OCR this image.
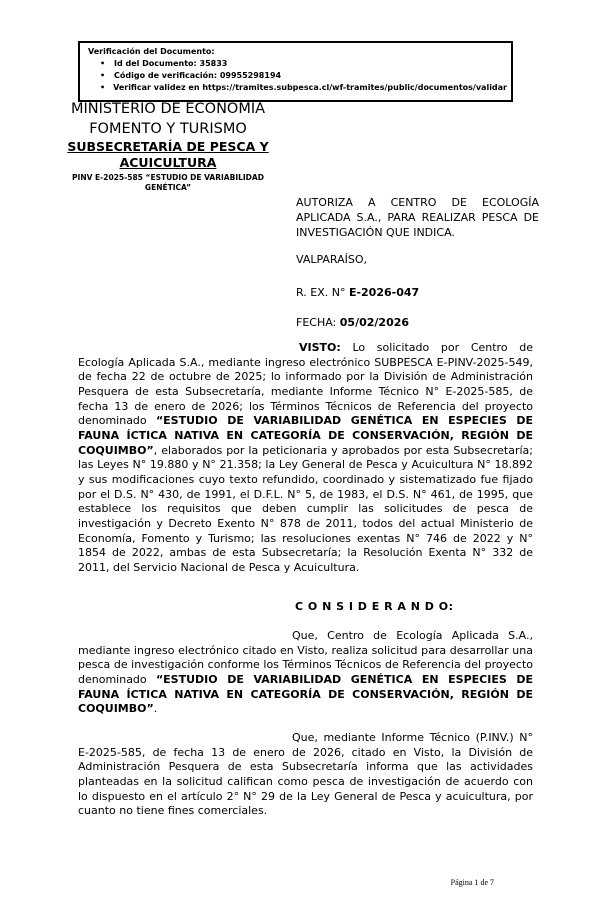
Verificación del Documento:
•	Id del Documento: 35833
•	Código de verificación: 09955298194
• Verificar validez en https://tramites.subpesca.cl/wf-tramites/public/documentos/validar
MINISTERIO DE ECONOMÍA
FOMENTO Y TURISMO
SUBSECRETARÍA DE PESCA Y ACUICULTURA
PINV E-2025-585 “ESTUDIO DE VARIABILIDAD GENÉTICA”
AUTORIZA A CENTRO DE ECOLOGÍA APLICADA S.A., PARA REALIZAR PESCA DE INVESTIGACIÓN QUE INDICA.
VALPARAÍSO,
R. EX. N° E-2026-047
FECHA: 05/02/2026

VISTO: Lo solicitado por Centro de Ecología Aplicada S.A., mediante ingreso electrónico SUBPESCA E-PINV-2025-549, de fecha 22 de octubre de 2025; lo informado por la División de Administración Pesquera de esta Subsecretaría, mediante Informe Técnico N° E-2025-585, de fecha 13 de enero de 2026; los Términos Técnicos de Referencia del proyecto denominado “ESTUDIO DE VARIABILIDAD GENÉTICA EN ESPECIES DE FAUNA ÍCTICA NATIVA EN CATEGORÍA DE CONSERVACIÓN, REGIÓN DE COQUIMBO”, elaborados por la peticionaria y aprobados por esta Subsecretaría; las Leyes N° 19.880 y N° 21.358; la Ley General de Pesca y Acuicultura N° 18.892 y sus modificaciones cuyo texto refundido, coordinado y sistematizado fue fijado por el D.S. N° 430, de 1991, el D.F.L. N° 5, de 1983, el D.S. N° 461, de 1995, que establece los requisitos que deben cumplir las solicitudes de pesca de investigación y Decreto Exento N° 878 de 2011, todos del actual Ministerio de Economía, Fomento y Turismo; las resoluciones exentas N° 746 de 2022 y N° 1854 de 2022, ambas de esta Subsecretaría; la Resolución Exenta N° 332 de 2011, del Servicio Nacional de Pesca y Acuicultura.

C O N S I D E R A N D O:

Que, Centro de Ecología Aplicada S.A., mediante ingreso electrónico citado en Visto, realiza solicitud para desarrollar una pesca de investigación conforme los Términos Técnicos de Referencia del proyecto denominado “ESTUDIO DE VARIABILIDAD GENÉTICA EN ESPECIES DE FAUNA ÍCTICA NATIVA EN CATEGORÍA DE CONSERVACIÓN, REGIÓN DE COQUIMBO”.

Que, mediante Informe Técnico (P.INV.) N° E-2025-585, de fecha 13 de enero de 2026, citado en Visto, la División de Administración Pesquera de esta Subsecretaría informa que las actividades planteadas en la solicitud califican como pesca de investigación de acuerdo con lo dispuesto en el artículo 2° N° 29 de la Ley General de Pesca y acuicultura, por cuanto no tiene fines comerciales.

Página 1 de 7
